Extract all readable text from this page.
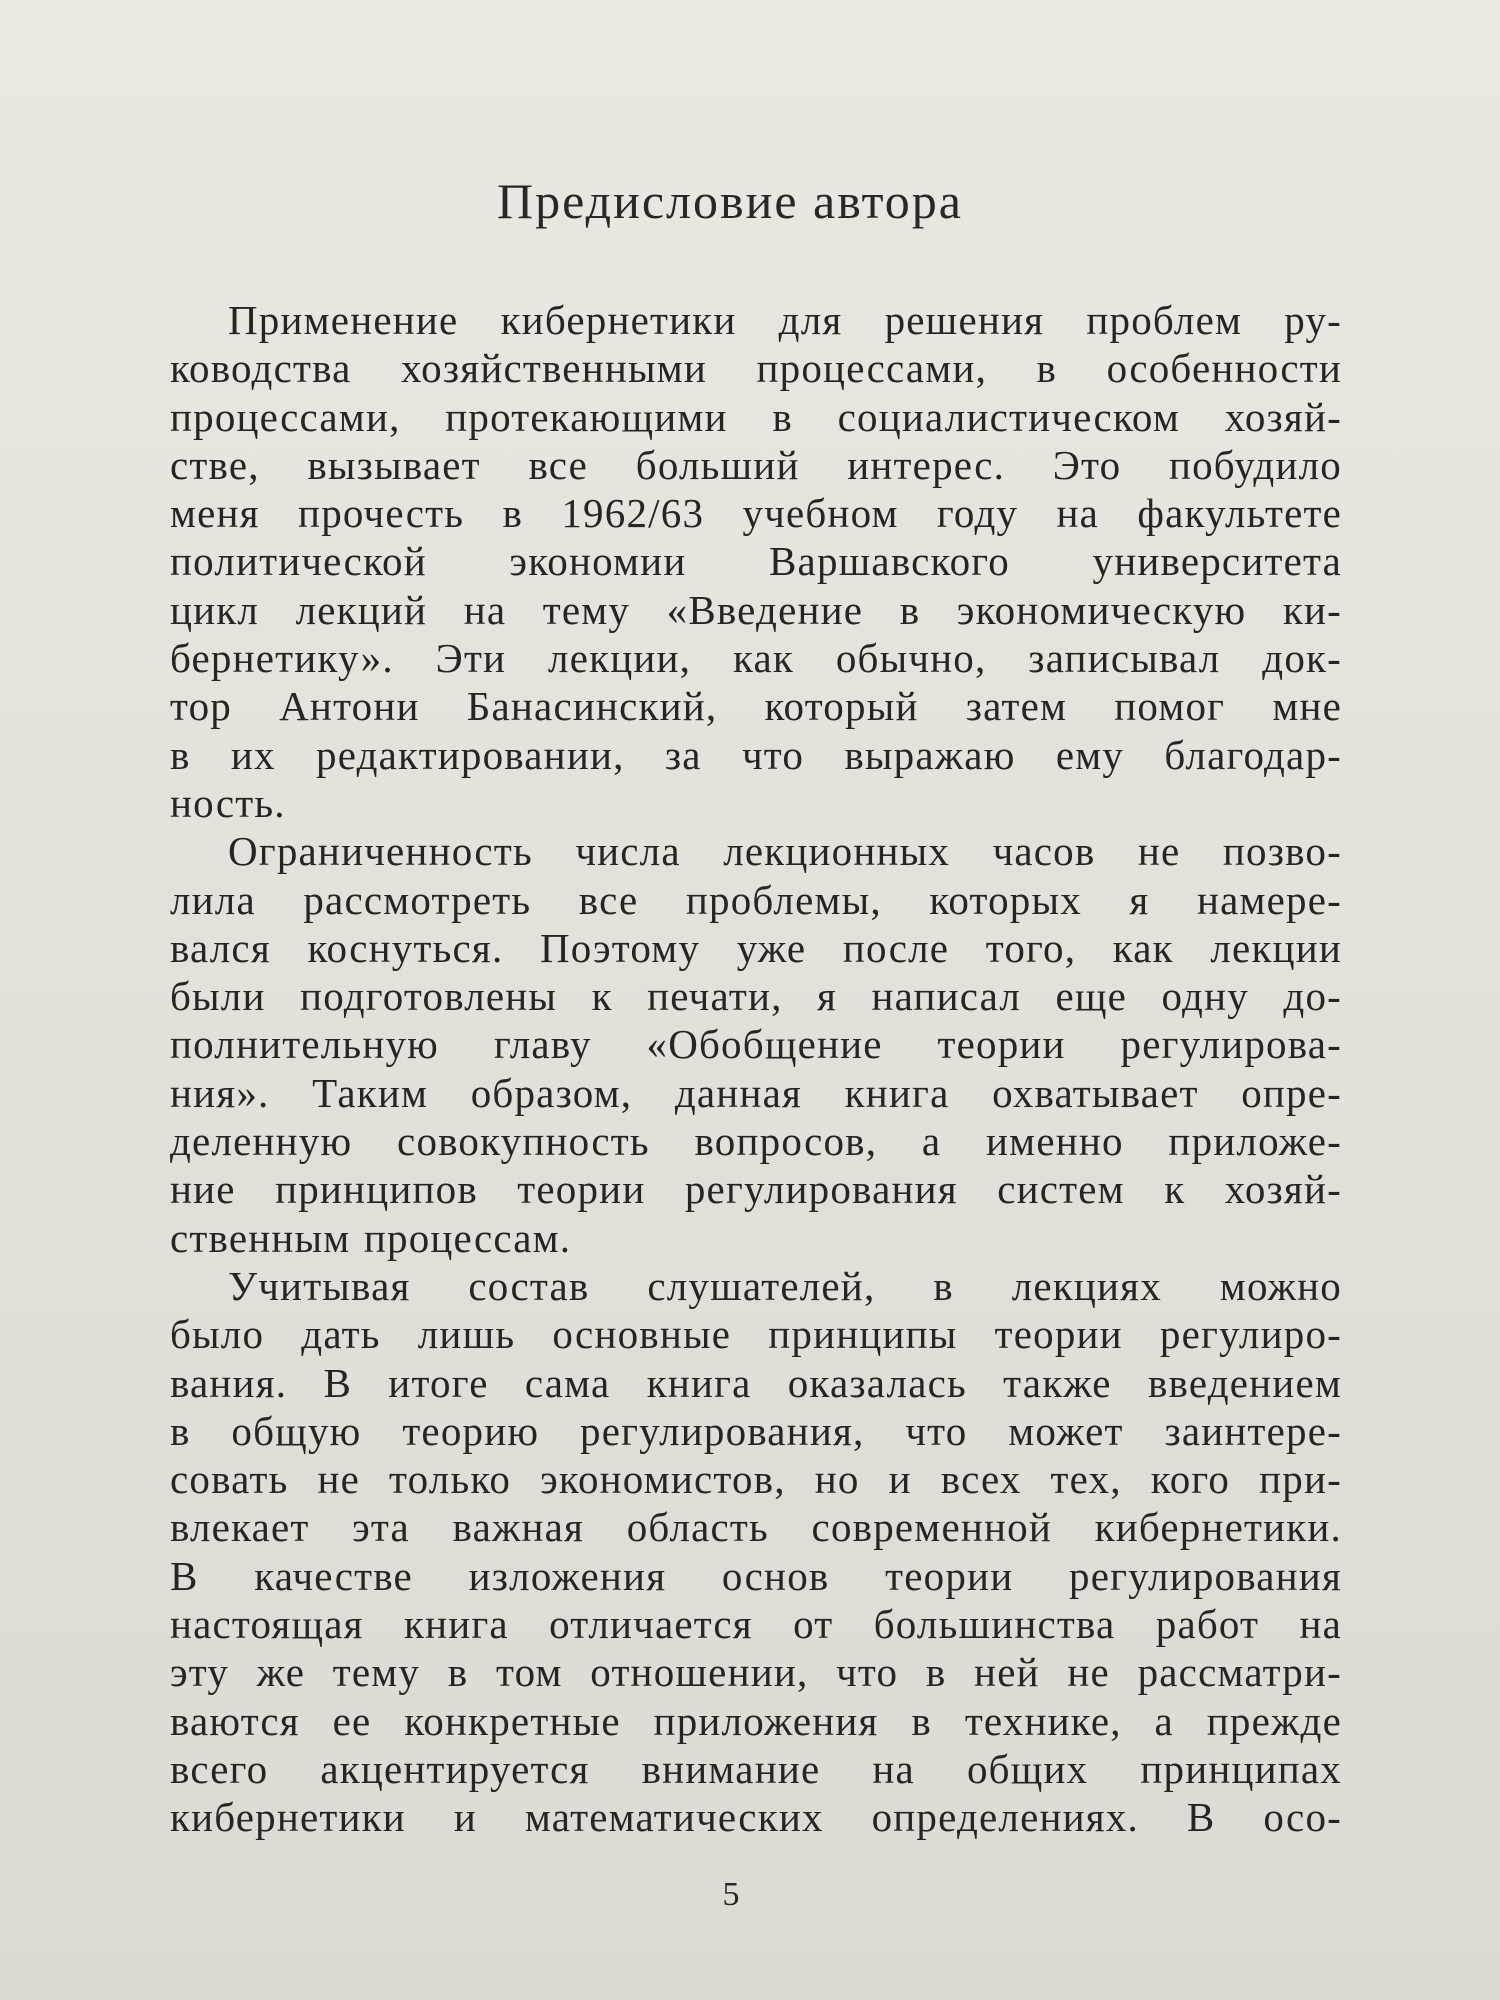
Предисловие автора
Применение кибернетики для решения проблем ру-
ководства хозяйственными процессами, в особенности
процессами, протекающими в социалистическом хозяй-
стве, вызывает все больший интерес. Это побудило
меня прочесть в 1962/63 учебном году на факультете
политической экономии Варшавского университета
цикл лекций на тему «Введение в экономическую ки-
бернетику». Эти лекции, как обычно, записывал док-
тор Антони Банасинский, который затем помог мне
в их редактировании, за что выражаю ему благодар-
ность.
Ограниченность числа лекционных часов не позво-
лила рассмотреть все проблемы, которых я намере-
вался коснуться. Поэтому уже после того, как лекции
были подготовлены к печати, я написал еще одну до-
полнительную главу «Обобщение теории регулирова-
ния». Таким образом, данная книга охватывает опре-
деленную совокупность вопросов, а именно приложе-
ние принципов теории регулирования систем к хозяй-
ственным процессам.
Учитывая состав слушателей, в лекциях можно
было дать лишь основные принципы теории регулиро-
вания. В итоге сама книга оказалась также введением
в общую теорию регулирования, что может заинтере-
совать не только экономистов, но и всех тех, кого при-
влекает эта важная область современной кибернетики.
В качестве изложения основ теории регулирования
настоящая книга отличается от большинства работ на
эту же тему в том отношении, что в ней не рассматри-
ваются ее конкретные приложения в технике, а прежде
всего акцентируется внимание на общих принципах
кибернетики и математических определениях. В осо-
5
